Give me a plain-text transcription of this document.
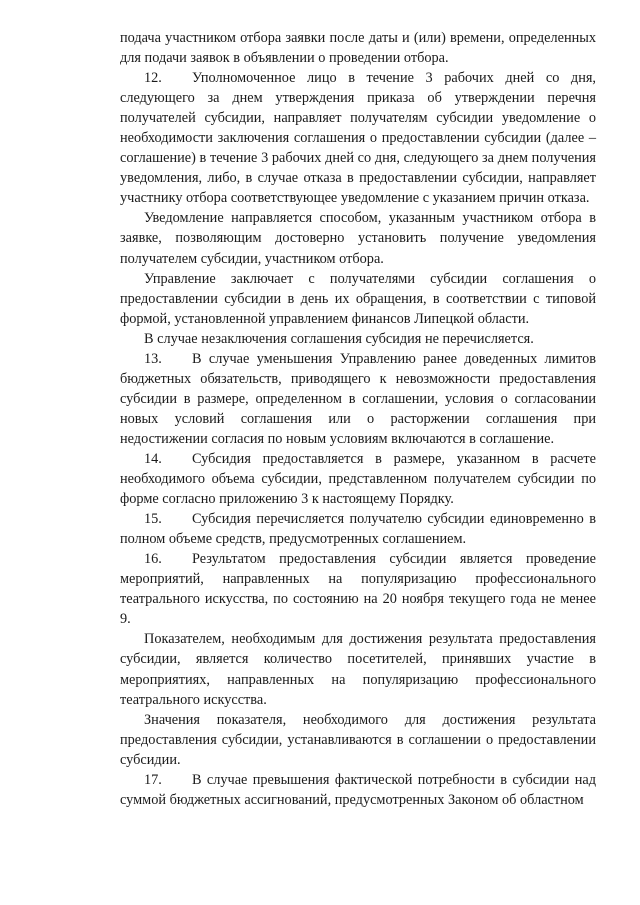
подача участником отбора заявки после даты и (или) времени, определенных для подачи заявок в объявлении о проведении отбора.

12. Уполномоченное лицо в течение 3 рабочих дней со дня, следующего за днем утверждения приказа об утверждении перечня получателей субсидии, направляет получателям субсидии уведомление о необходимости заключения соглашения о предоставлении субсидии (далее – соглашение) в течение 3 рабочих дней со дня, следующего за днем получения уведомления, либо, в случае отказа в предоставлении субсидии, направляет участнику отбора соответствующее уведомление с указанием причин отказа.

Уведомление направляется способом, указанным участником отбора в заявке, позволяющим достоверно установить получение уведомления получателем субсидии, участником отбора.

Управление заключает с получателями субсидии соглашения о предоставлении субсидии в день их обращения, в соответствии с типовой формой, установленной управлением финансов Липецкой области.

В случае незаключения соглашения субсидия не перечисляется.

13. В случае уменьшения Управлению ранее доведенных лимитов бюджетных обязательств, приводящего к невозможности предоставления субсидии в размере, определенном в соглашении, условия о согласовании новых условий соглашения или о расторжении соглашения при недостижении согласия по новым условиям включаются в соглашение.

14. Субсидия предоставляется в размере, указанном в расчете необходимого объема субсидии, представленном получателем субсидии по форме согласно приложению 3 к настоящему Порядку.

15. Субсидия перечисляется получателю субсидии единовременно в полном объеме средств, предусмотренных соглашением.

16. Результатом предоставления субсидии является проведение мероприятий, направленных на популяризацию профессионального театрального искусства, по состоянию на 20 ноября текущего года не менее 9.

Показателем, необходимым для достижения результата предоставления субсидии, является количество посетителей, принявших участие в мероприятиях, направленных на популяризацию профессионального театрального искусства.

Значения показателя, необходимого для достижения результата предоставления субсидии, устанавливаются в соглашении о предоставлении субсидии.

17. В случае превышения фактической потребности в субсидии над суммой бюджетных ассигнований, предусмотренных Законом об областном
